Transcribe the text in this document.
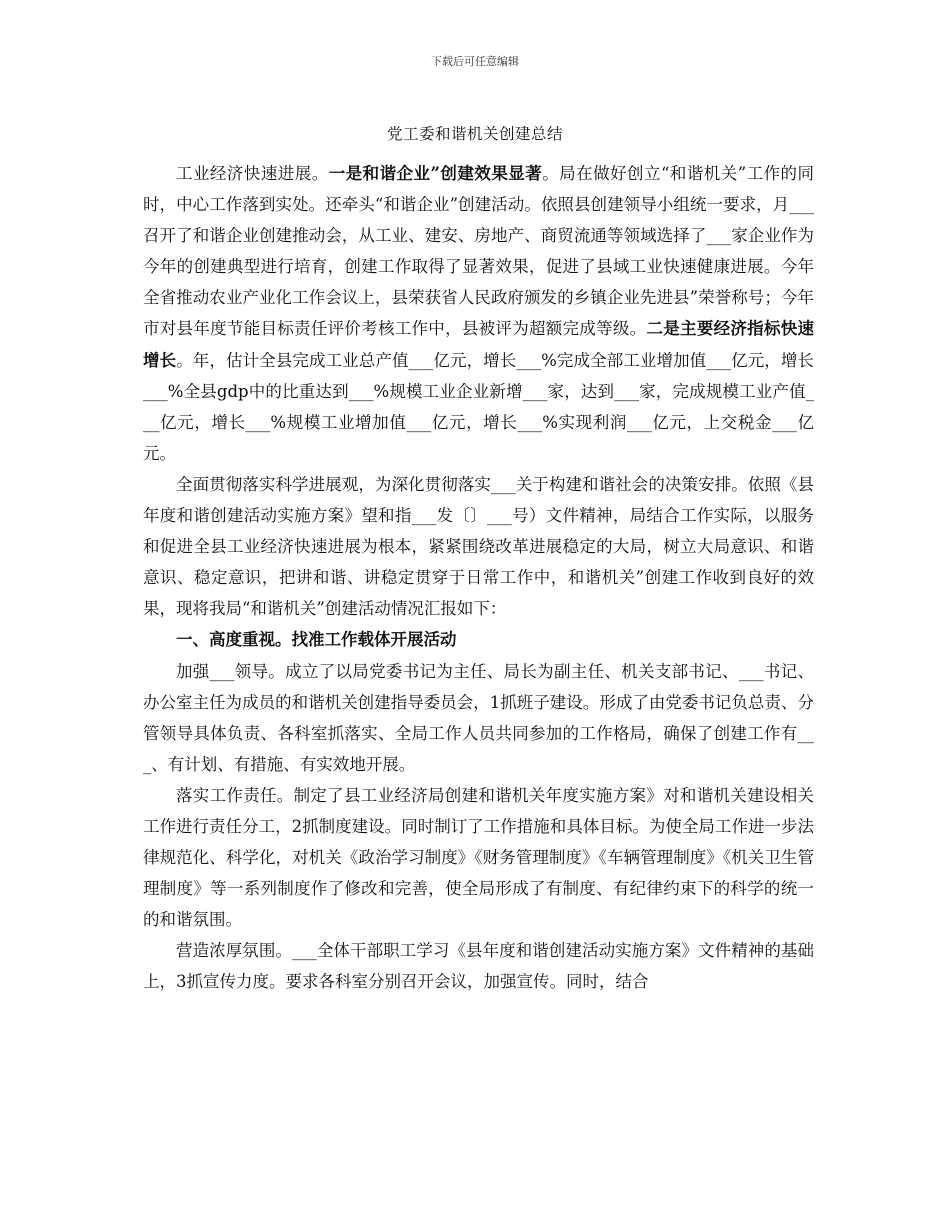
下载后可任意编辑
党工委和谐机关创建总结

工业经济快速进展。一是和谐企业”创建效果显著。局在做好创立“和谐机关”工作的同时，中心工作落到实处。还牵头“和谐企业”创建活动。依照县创建领导小组统一要求，月___召开了和谐企业创建推动会，从工业、建安、房地产、商贸流通等领域选择了___家企业作为今年的创建典型进行培育，创建工作取得了显著效果，促进了县域工业快速健康进展。今年全省推动农业产业化工作会议上，县荣获省人民政府颁发的乡镇企业先进县”荣誉称号；今年市对县年度节能目标责任评价考核工作中，县被评为超额完成等级。二是主要经济指标快速增长。年，估计全县完成工业总产值___亿元，增长___%完成全部工业增加值___亿元，增长___%全县gdp中的比重达到___%规模工业企业新增___家，达到___家，完成规模工业产值___亿元，增长___%规模工业增加值___亿元，增长___%实现利润___亿元，上交税金___亿元。

全面贯彻落实科学进展观，为深化贯彻落实___关于构建和谐社会的决策安排。依照《县年度和谐创建活动实施方案》望和指___发〔〕___号）文件精神，局结合工作实际，以服务和促进全县工业经济快速进展为根本，紧紧围绕改革进展稳定的大局，树立大局意识、和谐意识、稳定意识，把讲和谐、讲稳定贯穿于日常工作中，和谐机关”创建工作收到良好的效果，现将我局“和谐机关”创建活动情况汇报如下：

一、高度重视。找准工作载体开展活动

加强___领导。成立了以局党委书记为主任、局长为副主任、机关支部书记、___书记、办公室主任为成员的和谐机关创建指导委员会，1抓班子建设。形成了由党委书记负总责、分管领导具体负责、各科室抓落实、全局工作人员共同参加的工作格局，确保了创建工作有___、有计划、有措施、有实效地开展。

落实工作责任。制定了县工业经济局创建和谐机关年度实施方案》对和谐机关建设相关工作进行责任分工，2抓制度建设。同时制订了工作措施和具体目标。为使全局工作进一步法律规范化、科学化，对机关《政治学习制度》《财务管理制度》《车辆管理制度》《机关卫生管理制度》等一系列制度作了修改和完善，使全局形成了有制度、有纪律约束下的科学的统一的和谐氛围。

营造浓厚氛围。___全体干部职工学习《县年度和谐创建活动实施方案》文件精神的基础上，3抓宣传力度。要求各科室分别召开会议，加强宣传。同时，结合
